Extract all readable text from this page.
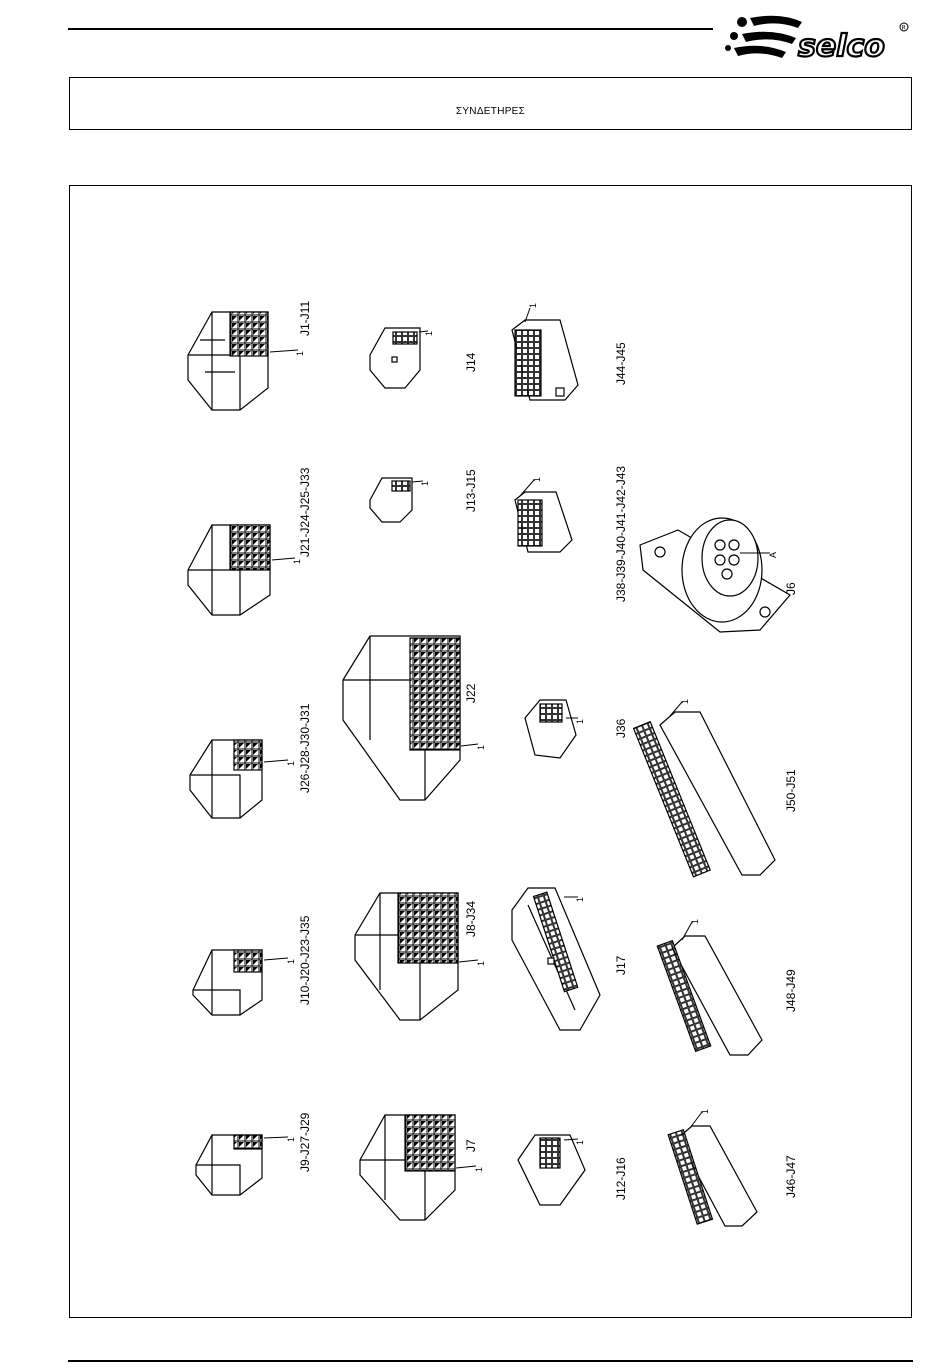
selco
R
ΣΥΝΔΕΤΗΡΕΣ
J1-J11
J21-J24-J25-J33
J26-J28-J30-J31
J10-J20-J23-J35
J9-J27-J29
J14
J13-J15
J22
J8-J34
J7
J44-J45
J38-J39-J40-J41-J42-J43
J36
J17
J12-J16
J6
J50-J51
J48-J49
J46-J47
1
1
1
1
1
1
1
1
1
1
1
1
1
1
1
1
1
1
A
